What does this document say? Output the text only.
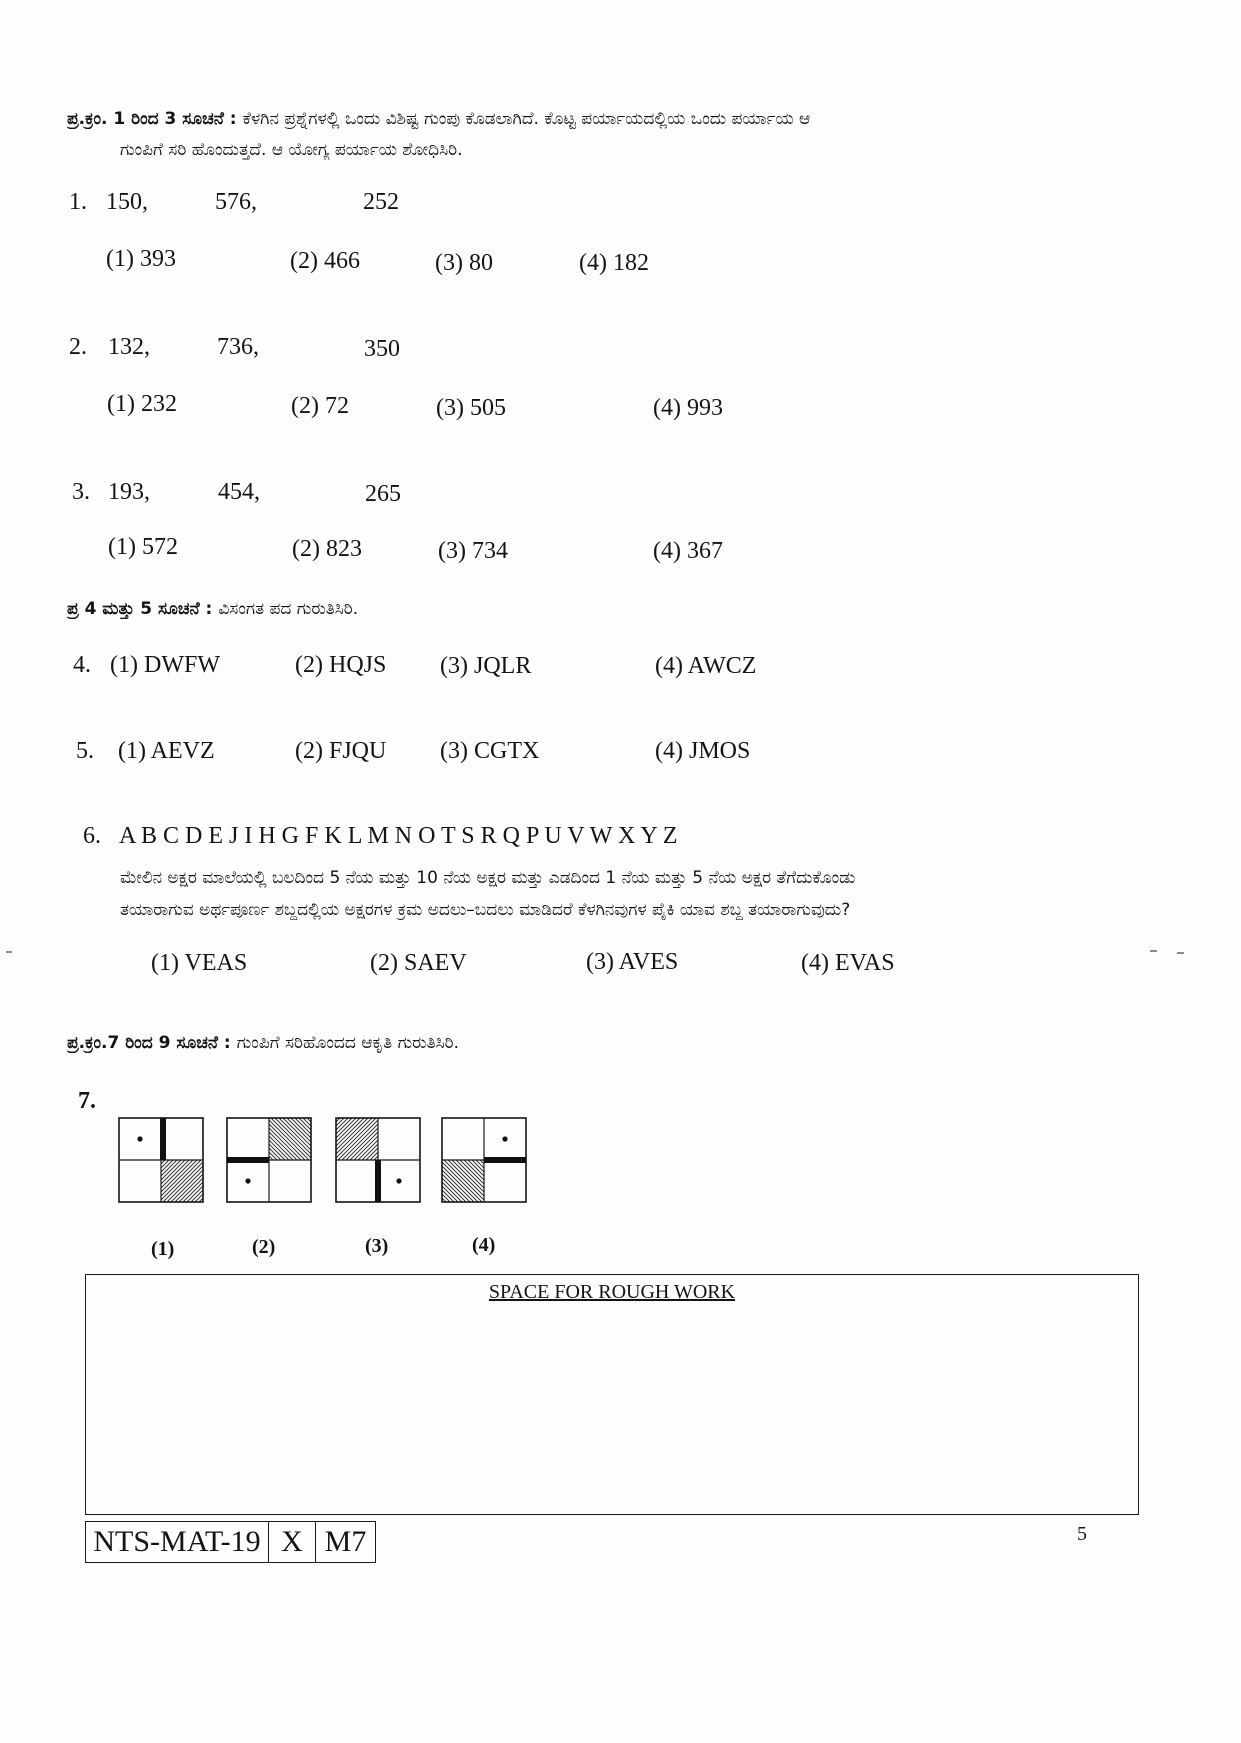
ಪ್ರ.ಕ್ರಂ. 1 ರಿಂದ 3 ಸೂಚನೆ : ಕೆಳಗಿನ ಪ್ರಶ್ನೆಗಳಲ್ಲಿ ಒಂದು ವಿಶಿಷ್ಟ ಗುಂಪು ಕೊಡಲಾಗಿದೆ. ಕೊಟ್ಟ ಪರ್ಯಾಯದಲ್ಲಿಯ ಒಂದು ಪರ್ಯಾಯ ಆ
ಗುಂಪಿಗೆ ಸರಿ ಹೊಂದುತ್ತದೆ. ಆ ಯೋಗ್ಯ ಪರ್ಯಾಯ ಶೋಧಿಸಿರಿ.
1. 150,	576,	252
(1) 393	(2) 466	(3) 80	(4) 182
2. 132,	736,	350
(1) 232	(2) 72	(3) 505	(4) 993
3. 193,	454,	265
(1) 572	(2) 823	(3) 734	(4) 367
ಪ್ರ 4 ಮತ್ತು 5 ಸೂಚನೆ : ವಿಸಂಗತ ಪದ ಗುರುತಿಸಿರಿ.
4. (1) DWFW	(2) HQJS (3) JQLR	(4) AWCZ
5. (1) AEVZ	(2) FJQU (3) CGTX	(4) JMOS
6. A B C D E J I H G F K L M N O T S R Q P U V W X Y Z
ಮೇಲಿನ ಅಕ್ಷರ ಮಾಲೆಯಲ್ಲಿ ಬಲದಿಂದ 5 ನೆಯ ಮತ್ತು 10 ನೆಯ ಅಕ್ಷರ ಮತ್ತು ಎಡದಿಂದ 1 ನೆಯ ಮತ್ತು 5 ನೆಯ ಅಕ್ಷರ ತೆಗೆದುಕೊಂಡು
ತಯಾರಾಗುವ ಅರ್ಥಪೂರ್ಣ ಶಬ್ದದಲ್ಲಿಯ ಅಕ್ಷರಗಳ ಕ್ರಮ ಅದಲು–ಬದಲು ಮಾಡಿದರೆ ಕೆಳಗಿನವುಗಳ ಪೈಕಿ ಯಾವ ಶಬ್ದ ತಯಾರಾಗುವುದು?
(1) VEAS	(2) SAEV	(3) AVES	(4) EVAS
ಪ್ರ.ಕ್ರಂ.7 ರಿಂದ 9 ಸೂಚನೆ : ಗುಂಪಿಗೆ ಸರಿಹೊಂದದ ಆಕೃತಿ ಗುರುತಿಸಿರಿ.
7.
(1)	(2)	(3)	(4)
SPACE FOR ROUGH WORK
NTS-MAT-19 X M7	5
